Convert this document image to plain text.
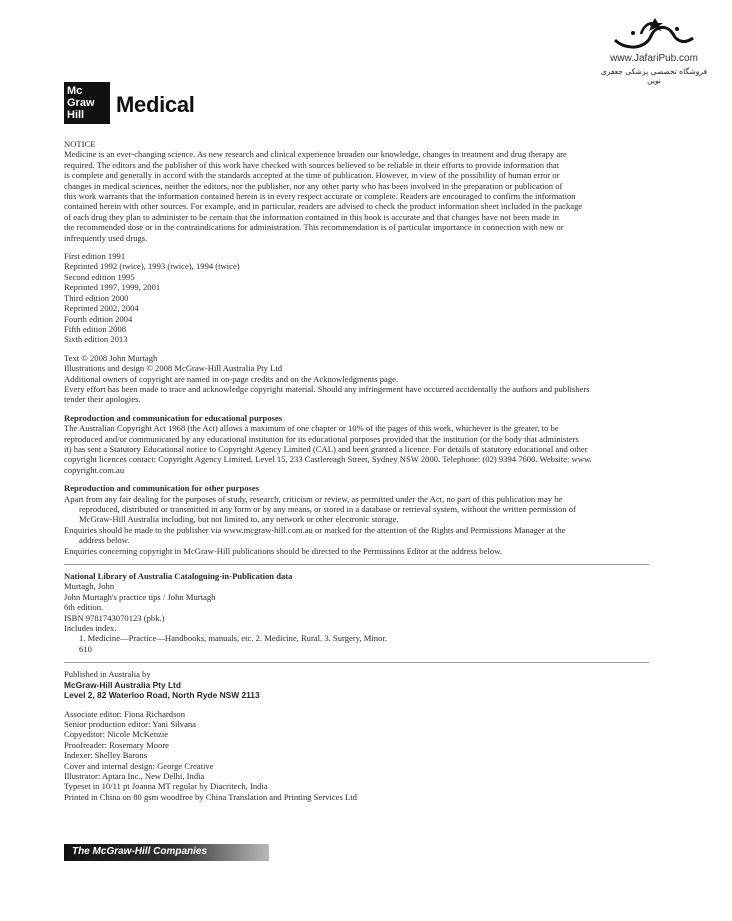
www.JafariPub.com
فروشگاه تخصصی پزشکی جعفری نوین
Mc
Graw
Hill	Medical

NOTICE

Medicine is an ever-changing science. As new research and clinical experience broaden our knowledge, changes in treatment and drug therapy are

required. The editors and the publisher of this work have checked with sources believed to be reliable in their efforts to provide information that

is complete and generally in accord with the standards accepted at the time of publication. However, in view of the possibility of human error or

changes in medical sciences, neither the editors, nor the publisher, nor any other party who has been involved in the preparation or publication of

this work warrants that the information contained herein is in every respect accurate or complete. Readers are encouraged to confirm the information

contained herein with other sources. For example, and in particular, readers are advised to check the product information sheet included in the package

of each drug they plan to administer to be certain that the information contained in this book is accurate and that changes have not been made in

the recommended dose or in the contraindications for administration. This recommendation is of particular importance in connection with new or

infrequently used drugs.

First edition 1991

Reprinted 1992 (twice), 1993 (twice), 1994 (twice)

Second edition 1995

Reprinted 1997, 1999, 2001

Third edition 2000

Reprinted 2002, 2004

Fourth edition 2004

Fifth edition 2008

Sixth edition 2013

Text © 2008 John Murtagh

Illustrations and design © 2008 McGraw-Hill Australia Pty Ltd

Additional owners of copyright are named in on-page credits and on the Acknowledgments page.

Every effort has been made to trace and acknowledge copyright material. Should any infringement have occurred accidentally the authors and publishers

tender their apologies.

Reproduction and communication for educational purposes

The Australian Copyright Act 1968 (the Act) allows a maximum of one chapter or 10% of the pages of this work, whichever is the greater, to be

reproduced and/or communicated by any educational institution for its educational purposes provided that the institution (or the body that administers

it) has sent a Statutory Educational notice to Copyright Agency Limited (CAL) and been granted a licence. For details of statutory educational and other

copyright licences contact: Copyright Agency Limited, Level 15, 233 Castlereagh Street, Sydney NSW 2000. Telephone: (02) 9394 7600. Website: www.

copyright.com.au

Reproduction and communication for other purposes

Apart from any fair dealing for the purposes of study, research, criticism or review, as permitted under the Act, no part of this publication may be

reproduced, distributed or transmitted in any form or by any means, or stored in a database or retrieval system, without the written permission of

McGraw-Hill Australia including, but not limited to, any network or other electronic storage.

Enquiries should be made to the publisher via www.mcgraw-hill.com.au or marked for the attention of the Rights and Permissions Manager at the

address below.

Enquiries concerning copyright in McGraw-Hill publications should be directed to the Permissions Editor at the address below.

National Library of Australia Cataloguing-in-Publication data

Murtagh, John

John Murtagh's practice tips / John Murtagh

6th edition.

ISBN 9781743070123 (pbk.)

Includes index.

1. Medicine—Practice—Handbooks, manuals, etc. 2. Medicine, Rural. 3. Surgery, Minor.

610

Published in Australia by

McGraw-Hill Australia Pty Ltd

Level 2, 82 Waterloo Road, North Ryde NSW 2113

Associate editor: Fiona Richardson

Senior production editor: Yani Silvana

Copyeditor: Nicole McKenzie

Proofreader: Rosemary Moore

Indexer: Shelley Barons

Cover and internal design: George Creative

Illustrator: Aptara Inc., New Delhi, India

Typeset in 10/11 pt Joanna MT regular by Diacritech, India

Printed in China on 80 gsm woodfree by China Translation and Printing Services Ltd

The McGraw-Hill Companies
